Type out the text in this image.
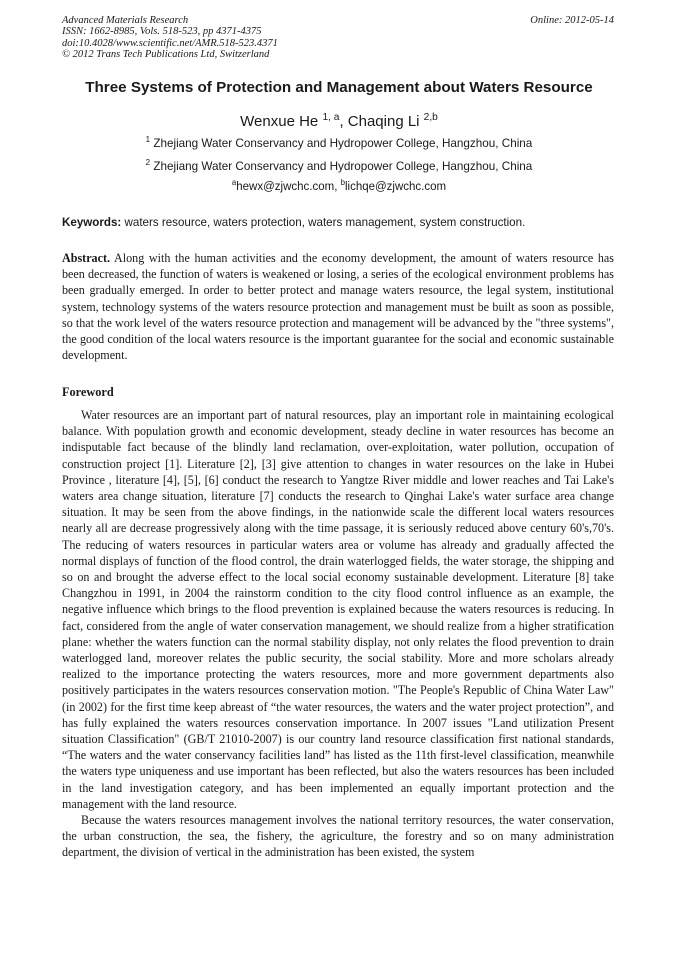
Advanced Materials Research
ISSN: 1662-8985, Vols. 518-523, pp 4371-4375
doi:10.4028/www.scientific.net/AMR.518-523.4371
© 2012 Trans Tech Publications Ltd, Switzerland
Online: 2012-05-14
Three Systems of Protection and Management about Waters Resource
Wenxue He $^{1, a}$, Chaqing Li $^{2,b}$
$^1$ Zhejiang Water Conservancy and Hydropower College, Hangzhou, China
$^2$ Zhejiang Water Conservancy and Hydropower College, Hangzhou, China
$^a$hewx@zjwchc.com, $^b$lichqe@zjwchc.com
Keywords: waters resource, waters protection, waters management, system construction.

Abstract. Along with the human activities and the economy development, the amount of waters resource has been decreased, the function of waters is weakened or losing, a series of the ecological environment problems has been gradually emerged. In order to better protect and manage waters resource, the legal system, institutional system, technology systems of the waters resource protection and management must be built as soon as possible, so that the work level of the waters resource protection and management will be advanced by the "three systems", the good condition of the local waters resource is the important guarantee for the social and economic sustainable development.

Foreword

Water resources are an important part of natural resources, play an important role in maintaining ecological balance. With population growth and economic development, steady decline in water resources has become an indisputable fact because of the blindly land reclamation, over-exploitation, water pollution, occupation of construction project [1]. Literature [2], [3] give attention to changes in water resources on the lake in Hubei Province , literature [4], [5], [6] conduct the research to Yangtze River middle and lower reaches and Tai Lake's waters area change situation, literature [7] conducts the research to Qinghai Lake's water surface area change situation. It may be seen from the above findings, in the nationwide scale the different local waters resources nearly all are decrease progressively along with the time passage, it is seriously reduced above century 60's,70's. The reducing of waters resources in particular waters area or volume has already and gradually affected the normal displays of function of the flood control, the drain waterlogged fields, the water storage, the shipping and so on and brought the adverse effect to the local social economy sustainable development. Literature [8] take Changzhou in 1991, in 2004 the rainstorm condition to the city flood control influence as an example, the negative influence which brings to the flood prevention is explained because the waters resources is reducing. In fact, considered from the angle of water conservation management, we should realize from a higher stratification plane: whether the waters function can the normal stability display, not only relates the flood prevention to drain waterlogged land, moreover relates the public security, the social stability. More and more scholars already realized to the importance protecting the waters resources, more and more government departments also positively participates in the waters resources conservation motion. "The People's Republic of China Water Law" (in 2002) for the first time keep abreast of “the water resources, the waters and the water project protection”, and has fully explained the waters resources conservation importance. In 2007 issues "Land utilization Present situation Classification" (GB/T 21010-2007) is our country land resource classification first national standards, “The waters and the water conservancy facilities land” has listed as the 11th first-level classification, meanwhile the waters type uniqueness and use important has been reflected, but also the waters resources has been included in the land investigation category, and has been implemented an equally important protection and the management with the land resource.

Because the waters resources management involves the national territory resources, the water conservation, the urban construction, the sea, the fishery, the agriculture, the forestry and so on many administration department, the division of vertical in the administration has been existed, the system
